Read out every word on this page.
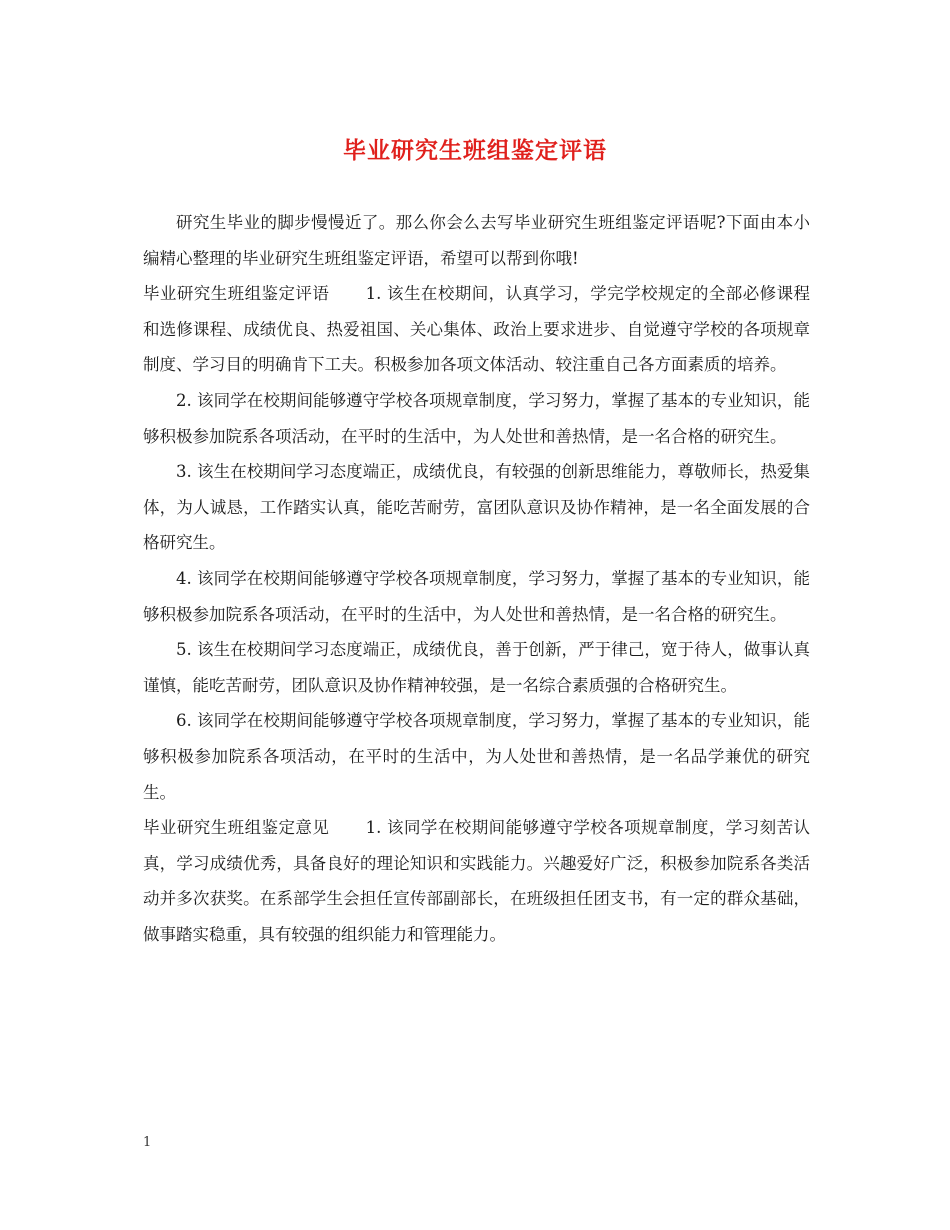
毕业研究生班组鉴定评语

研究生毕业的脚步慢慢近了。那么你会么去写毕业研究生班组鉴定评语呢?下面由本小编精心整理的毕业研究生班组鉴定评语，希望可以帮到你哦!

毕业研究生班组鉴定评语 1. 该生在校期间，认真学习，学完学校规定的全部必修课程和选修课程、成绩优良、热爱祖国、关心集体、政治上要求进步、自觉遵守学校的各项规章制度、学习目的明确肯下工夫。积极参加各项文体活动、较注重自己各方面素质的培养。

2. 该同学在校期间能够遵守学校各项规章制度，学习努力，掌握了基本的专业知识，能够积极参加院系各项活动，在平时的生活中，为人处世和善热情，是一名合格的研究生。

3. 该生在校期间学习态度端正，成绩优良，有较强的创新思维能力，尊敬师长，热爱集体，为人诚恳，工作踏实认真，能吃苦耐劳，富团队意识及协作精神，是一名全面发展的合格研究生。

4. 该同学在校期间能够遵守学校各项规章制度，学习努力，掌握了基本的专业知识，能够积极参加院系各项活动，在平时的生活中，为人处世和善热情，是一名合格的研究生。

5. 该生在校期间学习态度端正，成绩优良，善于创新，严于律己，宽于待人，做事认真谨慎，能吃苦耐劳，团队意识及协作精神较强，是一名综合素质强的合格研究生。

6. 该同学在校期间能够遵守学校各项规章制度，学习努力，掌握了基本的专业知识，能够积极参加院系各项活动，在平时的生活中，为人处世和善热情，是一名品学兼优的研究生。

毕业研究生班组鉴定意见 1. 该同学在校期间能够遵守学校各项规章制度，学习刻苦认真，学习成绩优秀，具备良好的理论知识和实践能力。兴趣爱好广泛，积极参加院系各类活动并多次获奖。在系部学生会担任宣传部副部长，在班级担任团支书，有一定的群众基础，做事踏实稳重，具有较强的组织能力和管理能力。

1
